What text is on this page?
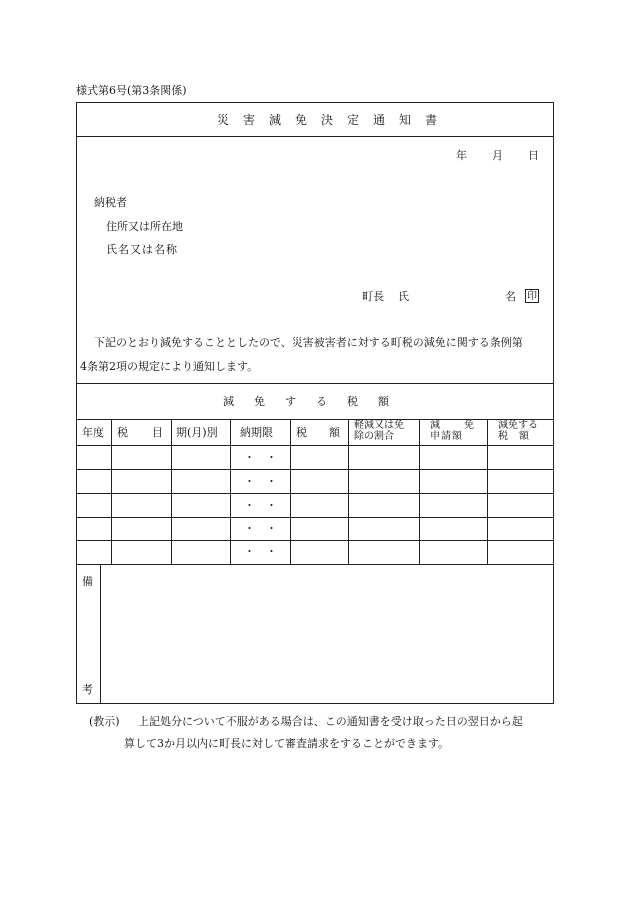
様式第6号(第3条関係)
災害減免決定通知書
年 月 日
納税者
住所又は所在地
氏名又は名称
町長 氏	名 印
下記のとおり減免することとしたので、災害被害者に対する町税の減免に関する条例第
4条第2項の規定により通知します。
減免する税額
年度 税目
期(月)別 納期限 税額
軽減又は免
除の割合
減免
申請額
減免する
税額
・　・
・　・
・　・
・　・
・　・
備
考
(教示) 上記処分について不服がある場合は、この通知書を受け取った日の翌日から起
算して3か月以内に町長に対して審査請求をすることができます。
